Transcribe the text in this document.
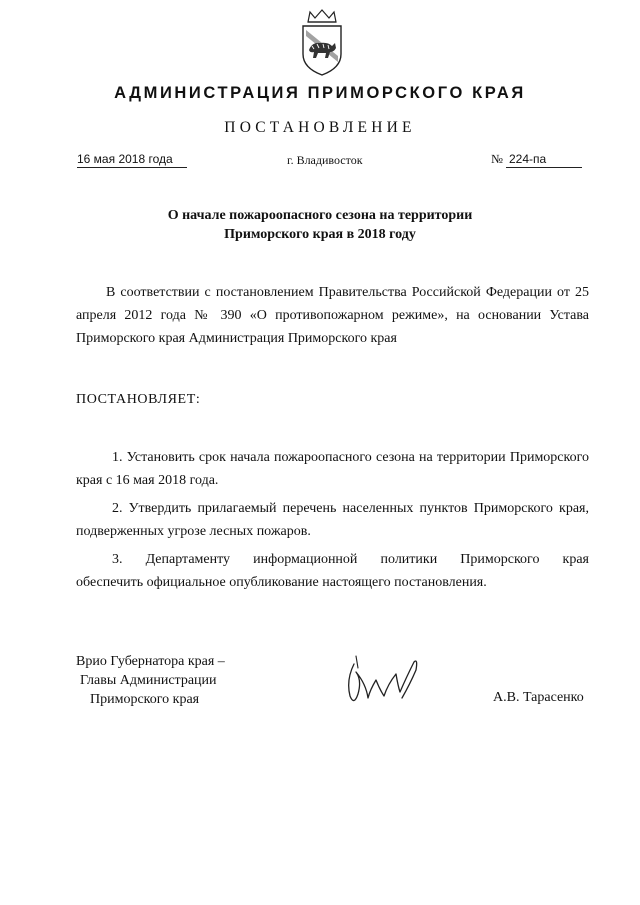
АДМИНИСТРАЦИЯ ПРИМОРСКОГО КРАЯ
ПОСТАНОВЛЕНИЕ
16 мая 2018 года	г. Владивосток	№ 224-па
О начале пожароопасного сезона на территории
Приморского края в 2018 году
В соответствии с постановлением Правительства Российской Федерации от 25 апреля 2012 года № 390 «О противопожарном режиме», на основании Устава Приморского края Администрация Приморского края
ПОСТАНОВЛЯЕТ:
1. Установить срок начала пожароопасного сезона на территории Приморского края с 16 мая 2018 года.
2. Утвердить прилагаемый перечень населенных пунктов Приморского края, подверженных угрозе лесных пожаров.
3. Департаменту информационной политики Приморского края
обеспечить официальное опубликование настоящего постановления.
Врио Губернатора края –
Главы Администрации
Приморского края	А.В. Тарасенко
